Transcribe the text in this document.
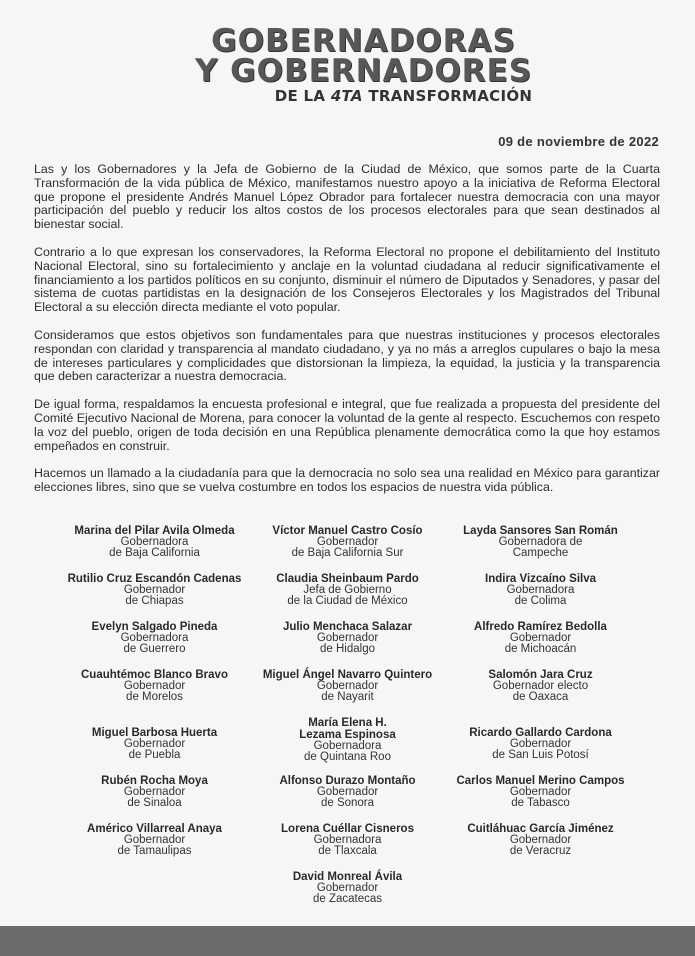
GOBERNADORAS
Y GOBERNADORES
DE LA 4TA TRANSFORMACIÓN
09 de noviembre de 2022

Las y los Gobernadores y la Jefa de Gobierno de la Ciudad de México, que somos parte de la Cuarta Transformación de la vida pública de México, manifestamos nuestro apoyo a la iniciativa de Reforma Electoral que propone el presidente Andrés Manuel López Obrador para fortalecer nuestra democracia con una mayor participación del pueblo y reducir los altos costos de los procesos electorales para que sean destinados al bienestar social.

Contrario a lo que expresan los conservadores, la Reforma Electoral no propone el debilitamiento del Instituto Nacional Electoral, sino su fortalecimiento y anclaje en la voluntad ciudadana al reducir significativamente el financiamiento a los partidos políticos en su conjunto, disminuir el número de Diputados y Senadores, y pasar del sistema de cuotas partidistas en la designación de los Consejeros Electorales y los Magistrados del Tribunal Electoral a su elección directa mediante el voto popular.

Consideramos que estos objetivos son fundamentales para que nuestras instituciones y procesos electorales respondan con claridad y transparencia al mandato ciudadano, y ya no más a arreglos cupulares o bajo la mesa de intereses particulares y complicidades que distorsionan la limpieza, la equidad, la justicia y la transparencia que deben caracterizar a nuestra democracia.

De igual forma, respaldamos la encuesta profesional e integral, que fue realizada a propuesta del presidente del Comité Ejecutivo Nacional de Morena, para conocer la voluntad de la gente al respecto. Escuchemos con respeto la voz del pueblo, origen de toda decisión en una República plenamente democrática como la que hoy estamos empeñados en construir.

Hacemos un llamado a la ciudadanía para que la democracia no solo sea una realidad en México para garantizar elecciones libres, sino que se vuelva costumbre en todos los espacios de nuestra vida pública.

Marina del Pilar Avila Olmeda
Gobernadora
de Baja California
Víctor Manuel Castro Cosío
Gobernador
de Baja California Sur
Layda Sansores San Román
Gobernadora de
Campeche
Rutilio Cruz Escandón Cadenas
Gobernador
de Chiapas
Claudia Sheinbaum Pardo
Jefa de Gobierno
de la Ciudad de México
Indira Vizcaíno Silva
Gobernadora
de Colima
Evelyn Salgado Pineda
Gobernadora
de Guerrero
Julio Menchaca Salazar
Gobernador
de Hidalgo
Alfredo Ramírez Bedolla
Gobernador
de Michoacán
Cuauhtémoc Blanco Bravo
Gobernador
de Morelos
Miguel Ángel Navarro Quintero
Gobernador
de Nayarit
Salomón Jara Cruz
Gobernador electo
de Oaxaca
Miguel Barbosa Huerta
Gobernador
de Puebla
María Elena H.
Lezama Espinosa
Gobernadora
de Quintana Roo
Ricardo Gallardo Cardona
Gobernador
de San Luis Potosí
Rubén Rocha Moya
Gobernador
de Sinaloa
Alfonso Durazo Montaño
Gobernador
de Sonora
Carlos Manuel Merino Campos
Gobernador
de Tabasco
Américo Villarreal Anaya
Gobernador
de Tamaulipas
Lorena Cuéllar Cisneros
Gobernadora
de Tlaxcala
Cuitláhuac García Jiménez
Gobernador
de Veracruz
David Monreal Ávila
Gobernador
de Zacatecas
